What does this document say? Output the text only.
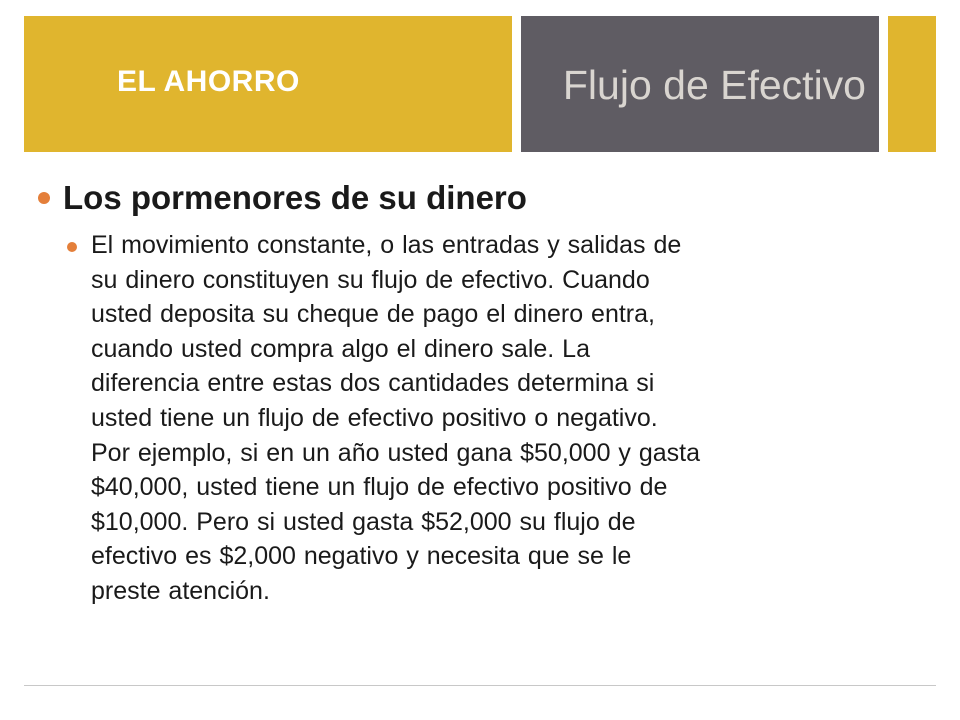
EL AHORRO	Flujo de Efectivo
Los pormenores de su dinero
El movimiento constante, o las entradas y salidas de
su dinero constituyen su flujo de efectivo. Cuando
usted deposita su cheque de pago el dinero entra,
cuando usted compra algo el dinero sale. La
diferencia entre estas dos cantidades determina si
usted tiene un flujo de efectivo positivo o negativo.
Por ejemplo, si en un año usted gana $50,000 y gasta
$40,000, usted tiene un flujo de efectivo positivo de
$10,000. Pero si usted gasta $52,000 su flujo de
efectivo es $2,000 negativo y necesita que se le
preste atención.
